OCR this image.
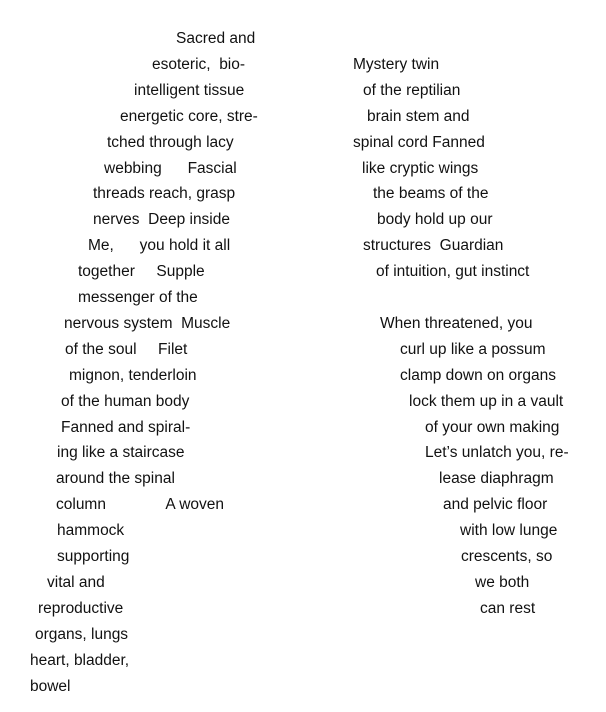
Sacred and
esoteric,  bio-
intelligent tissue
energetic core, stre-
tched through lacy
webbing      Fascial
threads reach, grasp
nerves  Deep inside
Me,      you hold it all
together     Supple
messenger of the
nervous system  Muscle
of the soul     Filet
mignon, tenderloin
of the human body
Fanned and spiral-
ing like a staircase
around the spinal
column              A woven
hammock
supporting
vital and
reproductive
organs, lungs
heart, bladder,
bowel
Mystery twin
of the reptilian
brain stem and
spinal cord Fanned
like cryptic wings
the beams of the
body hold up our
structures  Guardian
of intuition, gut instinct
When threatened, you
curl up like a possum
clamp down on organs
lock them up in a vault
of your own making
Let’s unlatch you, re-
lease diaphragm
and pelvic floor
with low lunge
crescents, so
we both
can rest
